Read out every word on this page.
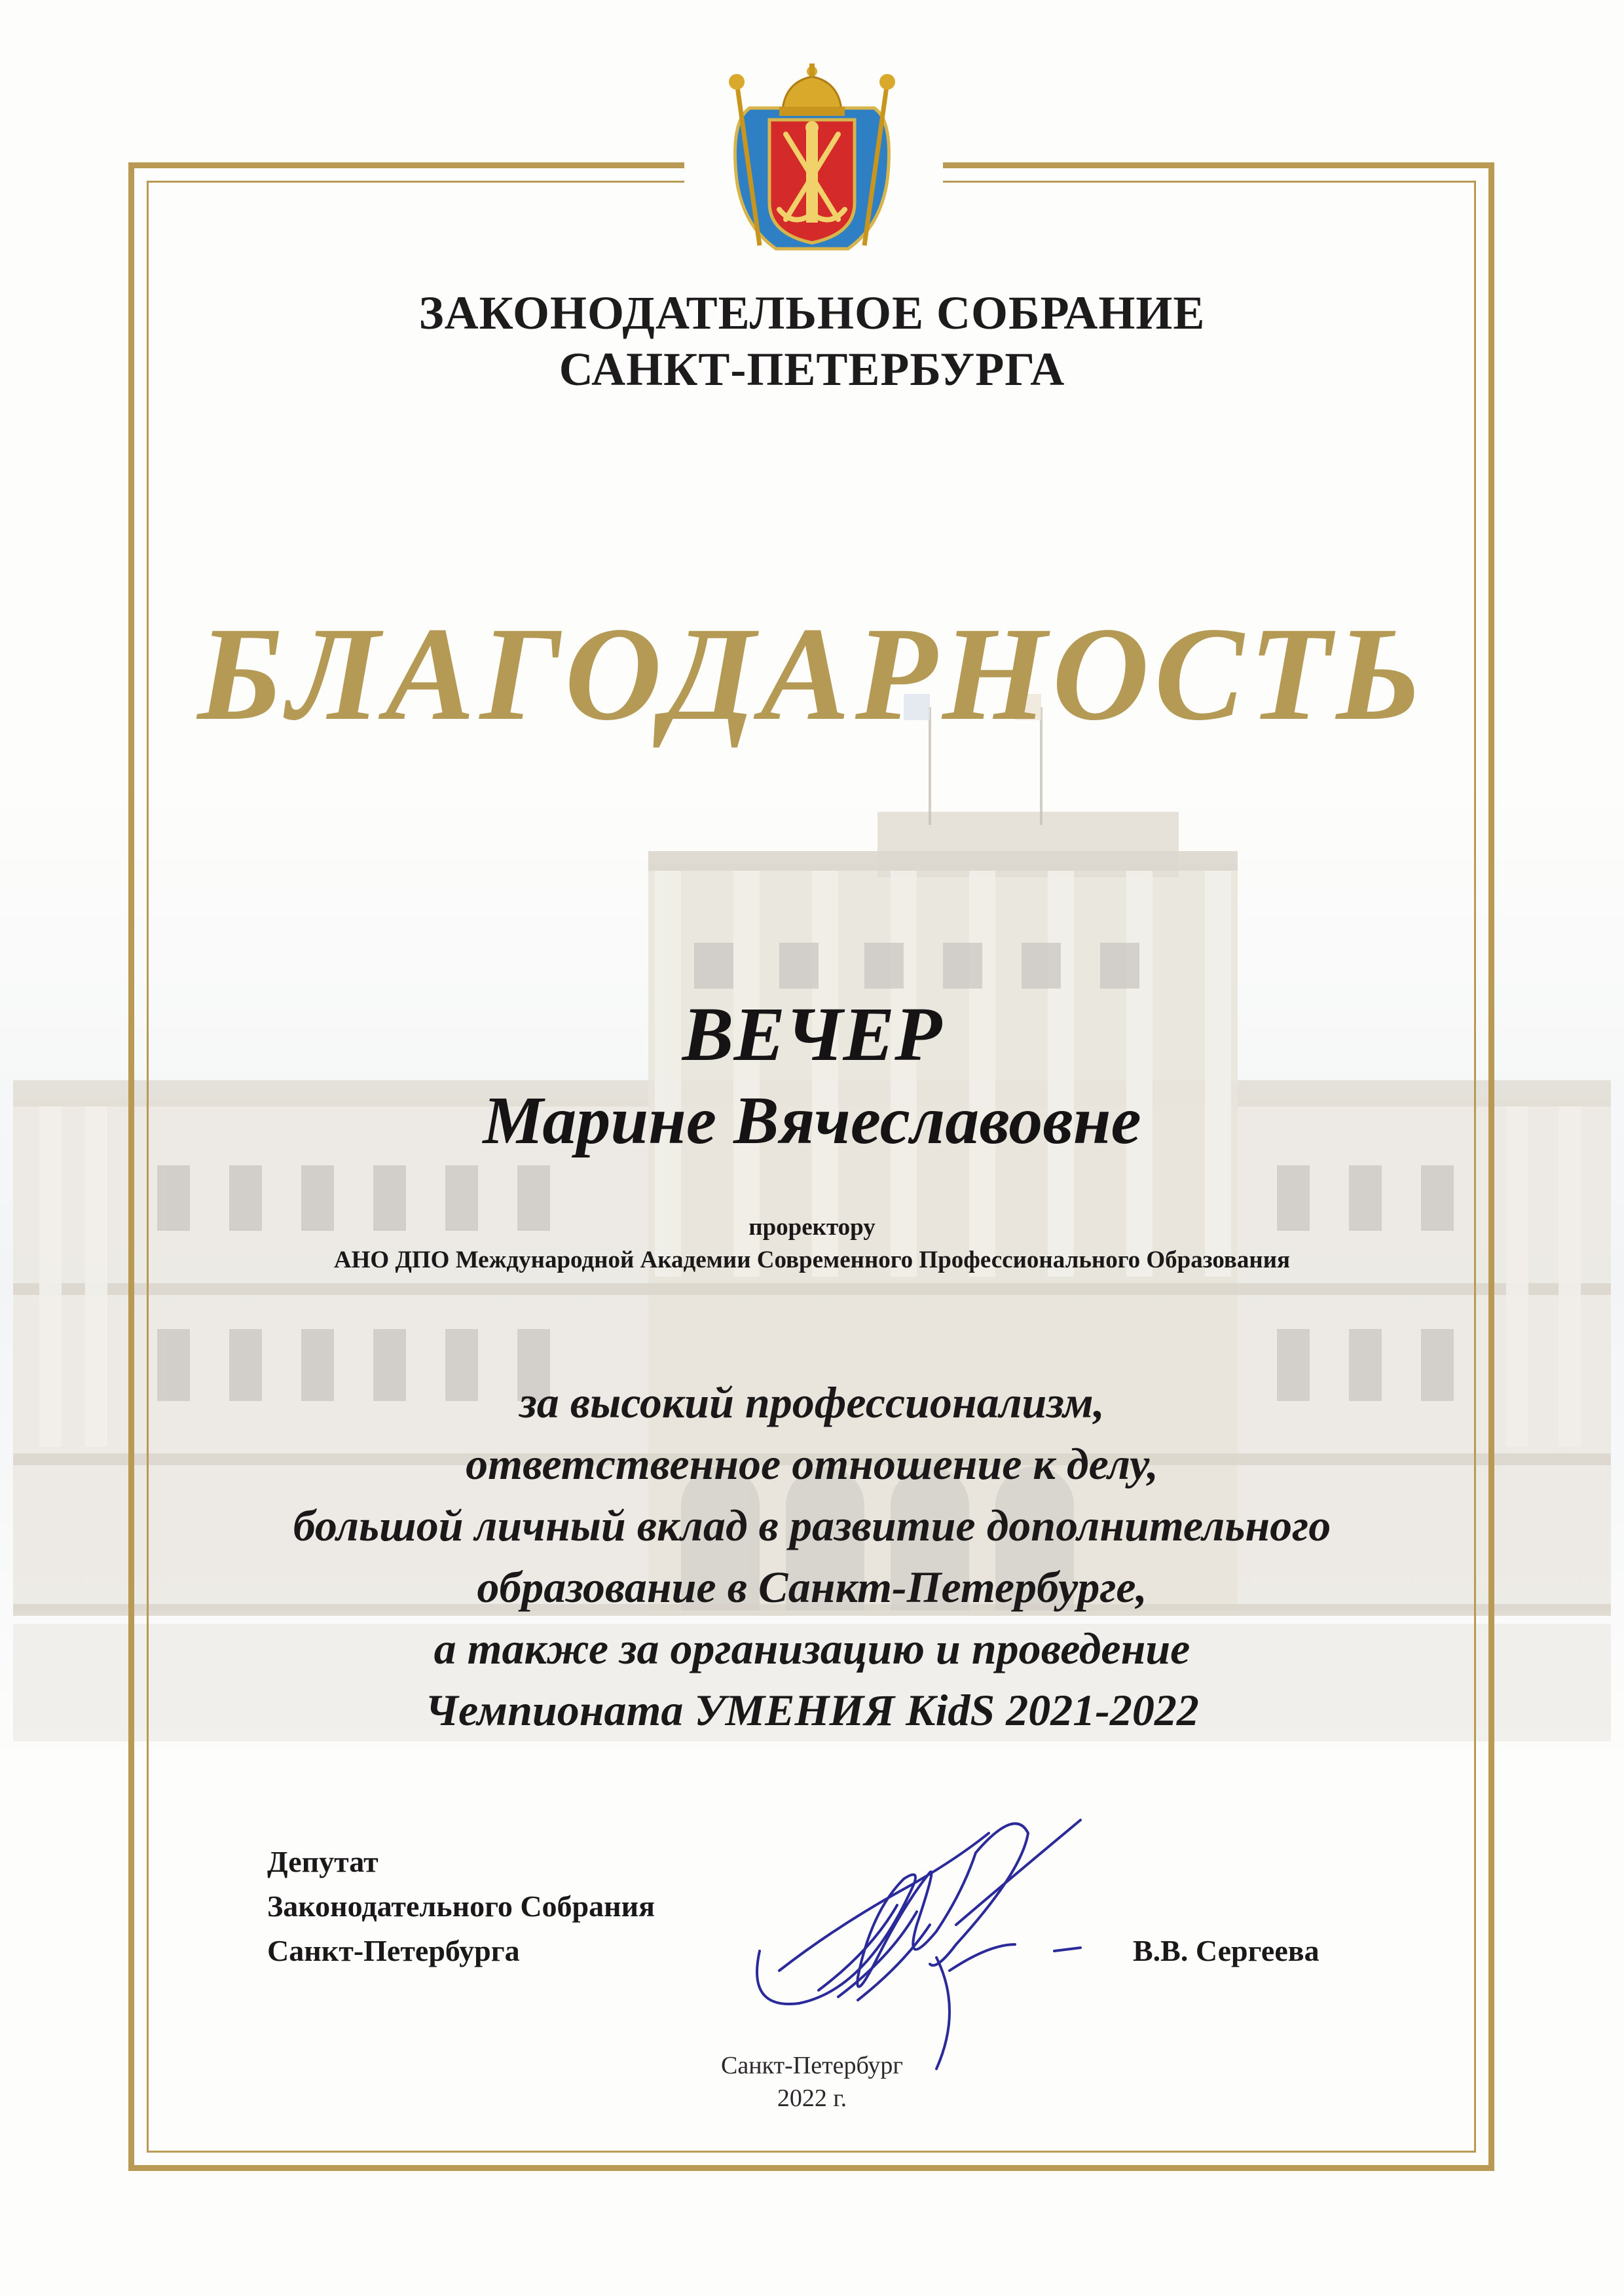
ЗАКОНОДАТЕЛЬНОЕ СОБРАНИЕ
САНКТ-ПЕТЕРБУРГА
БЛАГОДАРНОСТЬ
ВЕЧЕР
Марине Вячеславовне
проректору
АНО ДПО Международной Академии Современного Профессионального Образования
за высокий профессионализм,
ответственное отношение к делу,
большой личный вклад в развитие дополнительного
образование в Санкт-Петербурге,
а также за организацию и проведение
Чемпионата УМЕНИЯ KidS 2021-2022
Депутат
Законодательного Собрания
Санкт-Петербурга	В.В. Сергеева
Санкт-Петербург
2022 г.
